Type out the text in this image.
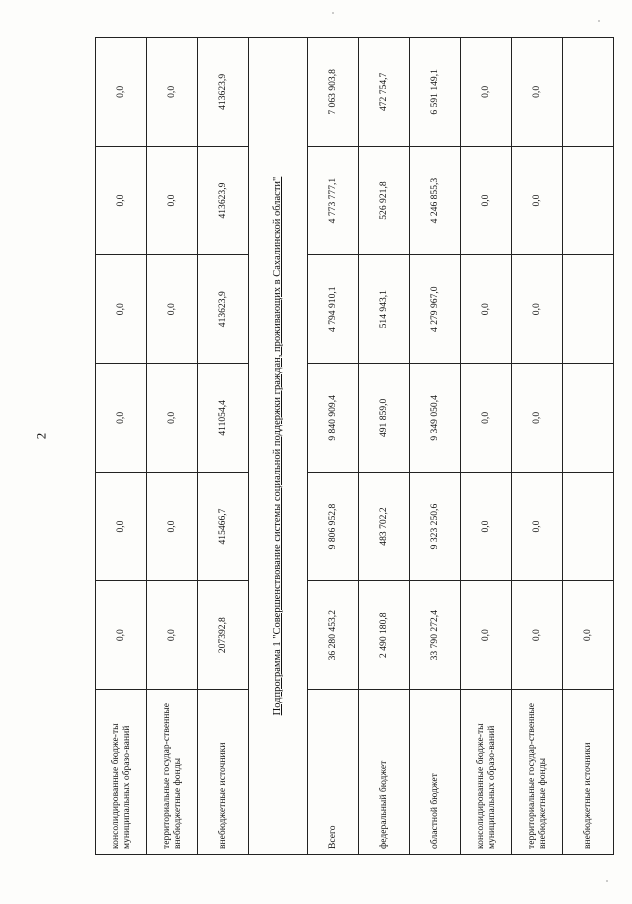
2
консолидированные бюдже-ты муниципальных образо-ваний	0,0	0,0	0,0	0,0	0,0	0,0
территориальные государ-ственные внебюджетные фонды	0,0	0,0	0,0	0,0	0,0	0,0
внебюджетные источники	207392,8	415466,7	411054,4	413623,9	413623,9	413623,9
Подпрограмма 1 "Совершенствование системы социальной поддержки граждан, проживающих в Сахалинской области"						
Всего	36 280 453,2	9 806 952,8	9 840 909,4	4 794 910,1	4 773 777,1	7 063 903,8
федеральный бюджет	2 490 180,8	483 702,2	491 859,0	514 943,1	526 921,8	472 754,7
областной бюджет	33 790 272,4	9 323 250,6	9 349 050,4	4 279 967,0	4 246 855,3	6 591 149,1
консолидированные бюдже-ты муниципальных образо-ваний	0,0	0,0	0,0	0,0	0,0	0,0
территориальные государ-ственные внебюджетные фонды	0,0	0,0	0,0	0,0	0,0	0,0
внебюджетные источники	0,0					
